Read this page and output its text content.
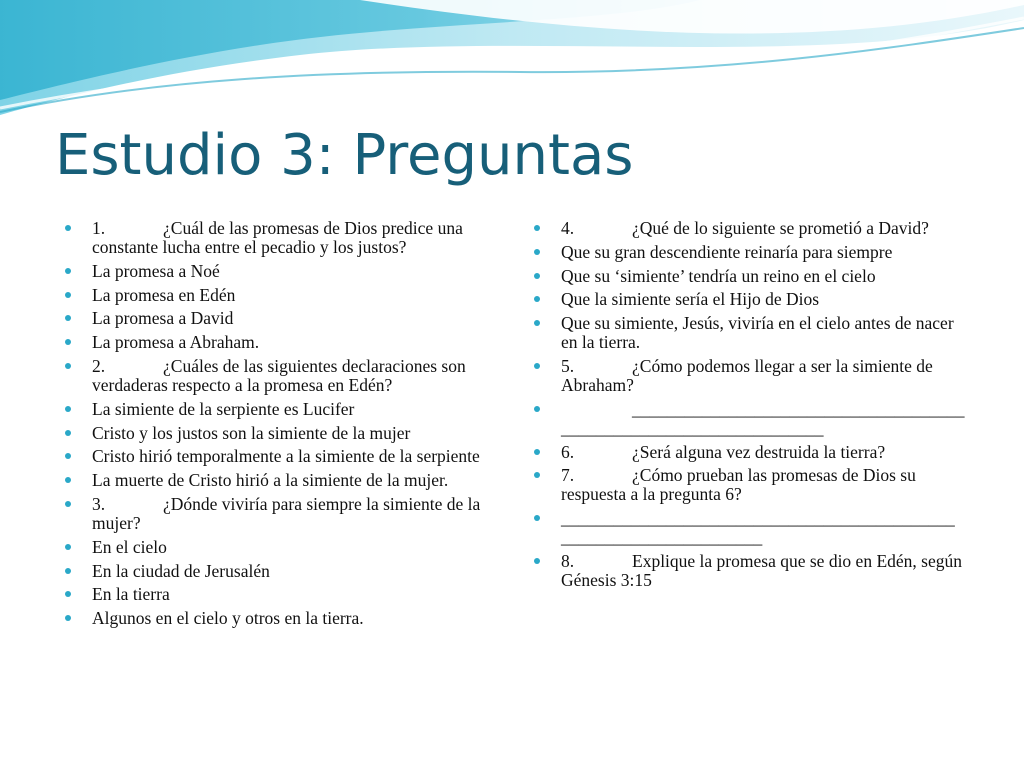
Estudio 3: Preguntas
1.	¿Cuál de las promesas de Dios predice una constante lucha entre el pecadio y los justos?
La promesa a Noé
La promesa en Edén
La promesa a David
La promesa a Abraham.
2.	¿Cuáles de las siguientes declaraciones son verdaderas respecto a la promesa en Edén?
La simiente de la serpiente es Lucifer
Cristo y los justos son la simiente de la mujer
Cristo hirió temporalmente a la simiente de la serpiente
La muerte de Cristo hirió a la simiente de la mujer.
3.	¿Dónde viviría para siempre la simiente de la mujer?
En el cielo
En la ciudad de Jerusalén
En la tierra
Algunos en el cielo y otros en la tierra.
4.	¿Qué de lo siguiente se prometió a David?
Que su gran descendiente reinaría para siempre
Que su ‘simiente’ tendría un reino en el cielo
Que la simiente sería el Hijo de Dios
Que su simiente, Jesús, viviría en el cielo antes de nacer en la tierra.
5.	¿Cómo podemos llegar a ser la simiente de Abraham?
______________________________________
______________________________
6.	¿Será alguna vez destruida la tierra?
7.	¿Cómo prueban las promesas de Dios su respuesta a la pregunta 6?
_____________________________________________
_______________________
8.	Explique la promesa que se dio en Edén, según Génesis 3:15
